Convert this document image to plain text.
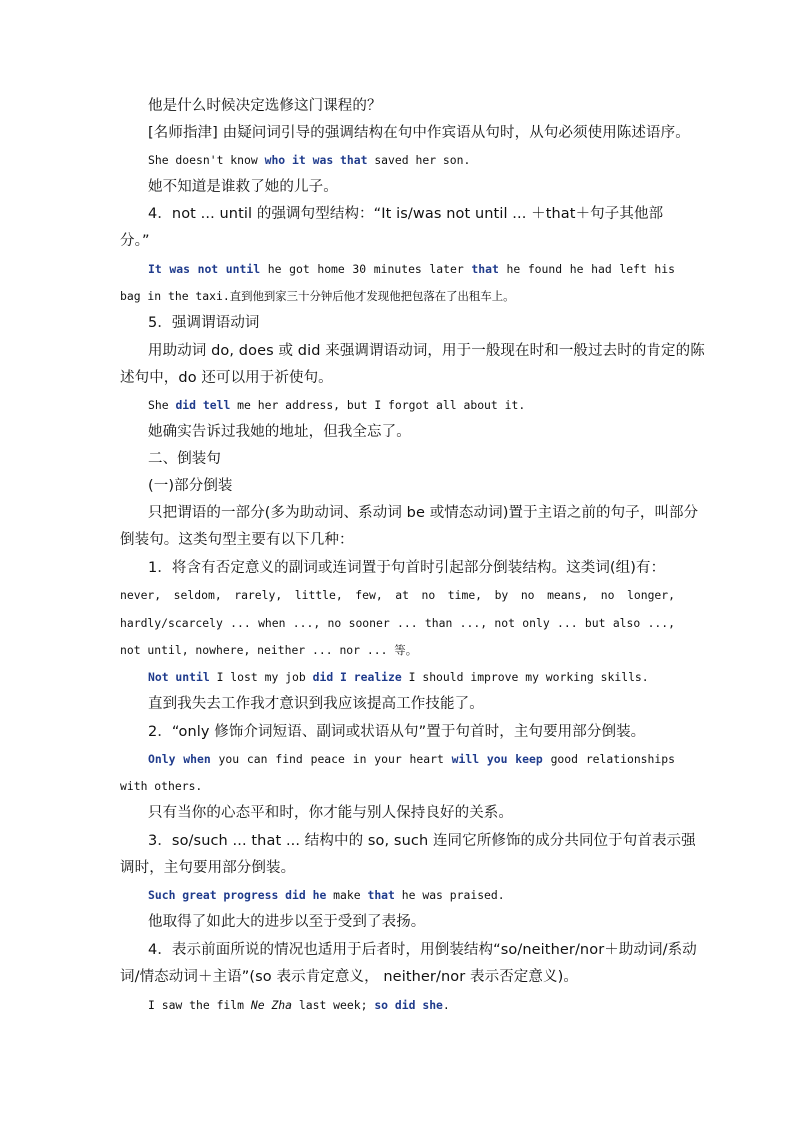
他是什么时候决定选修这门课程的？
[名师指津] 由疑问词引导的强调结构在句中作宾语从句时，从句必须使用陈述语序。
She doesn't know who it was that saved her son.
她不知道是谁救了她的儿子。
4．not ... until 的强调句型结构：“It is/was not until ... ＋that＋句子其他部
分。”
It was not until he got home 30 minutes later that he found he had left his
bag in the taxi.直到他到家三十分钟后他才发现他把包落在了出租车上。
5．强调谓语动词
用助动词 do, does 或 did 来强调谓语动词，用于一般现在时和一般过去时的肯定的陈
述句中，do 还可以用于祈使句。
She did tell me her address, but I forgot all about it.
她确实告诉过我她的地址，但我全忘了。
二、倒装句
(一)部分倒装
只把谓语的一部分(多为助动词、系动词 be 或情态动词)置于主语之前的句子，叫部分
倒装句。这类句型主要有以下几种：
1．将含有否定意义的副词或连词置于句首时引起部分倒装结构。这类词(组)有：
never, seldom, rarely, little, few, at no time, by no means, no longer,
hardly/scarcely ... when ..., no sooner ... than ..., not only ... but also ...,
not until, nowhere, neither ... nor ... 等。
Not until I lost my job did I realize I should improve my working skills.
直到我失去工作我才意识到我应该提高工作技能了。
2．“only 修饰介词短语、副词或状语从句”置于句首时，主句要用部分倒装。
Only when you can find peace in your heart will you keep good relationships
with others.
只有当你的心态平和时，你才能与别人保持良好的关系。
3．so/such ... that ... 结构中的 so, such 连同它所修饰的成分共同位于句首表示强
调时，主句要用部分倒装。
Such great progress did he make that he was praised.
他取得了如此大的进步以至于受到了表扬。
4．表示前面所说的情况也适用于后者时，用倒装结构“so/neither/nor＋助动词/系动
词/情态动词＋主语”(so 表示肯定意义， neither/nor 表示否定意义)。
I saw the film Ne Zha last week; so did she.
